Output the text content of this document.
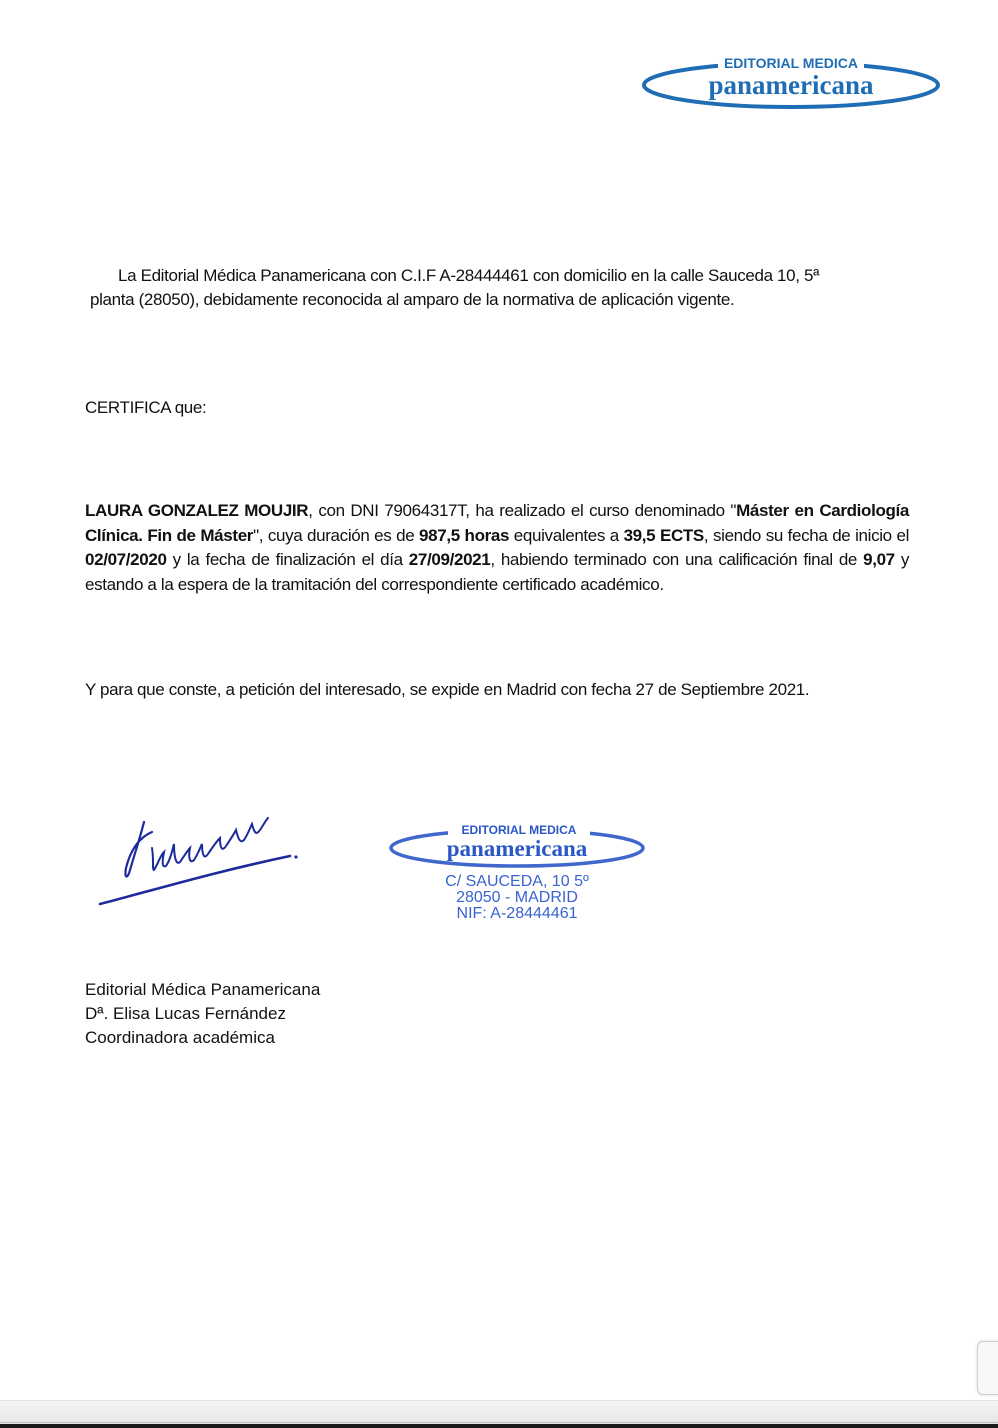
EDITORIAL MEDICA
panamericana
La Editorial Médica Panamericana con C.I.F A-28444461 con domicilio en la calle Sauceda 10, 5ª
planta (28050), debidamente reconocida al amparo de la normativa de aplicación vigente.
CERTIFICA que:
LAURA GONZALEZ MOUJIR, con DNI 79064317T, ha realizado el curso denominado "Máster en Cardiología Clínica. Fin de Máster", cuya duración es de 987,5 horas equivalentes a 39,5 ECTS, siendo su fecha de inicio el 02/07/2020 y la fecha de finalización el día 27/09/2021, habiendo terminado con una calificación final de 9,07 y estando a la espera de la tramitación del correspondiente certificado académico.
Y para que conste, a petición del interesado, se expide en Madrid con fecha 27 de Septiembre 2021.
EDITORIAL MEDICA
panamericana
C/ SAUCEDA, 10 5º
28050 - MADRID
NIF: A-28444461
Editorial Médica Panamericana
Dª. Elisa Lucas Fernández
Coordinadora académica
